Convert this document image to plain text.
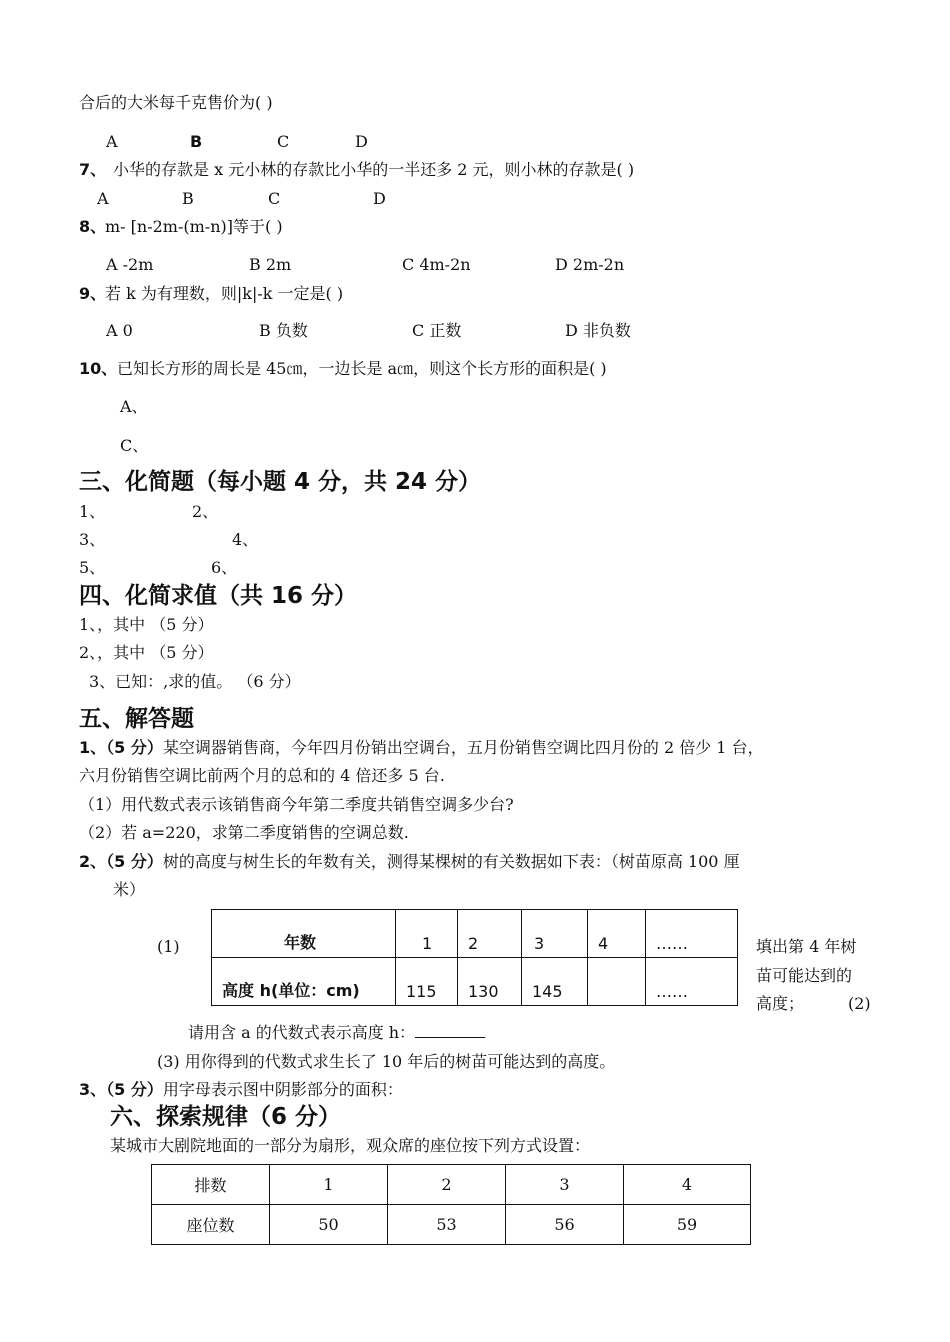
合后的大米每千克售价为( )
A	B	C	D
7、 小华的存款是 x 元小林的存款比小华的一半还多 2 元，则小林的存款是( )
A	B	C	D
8、
m- [n-2m-(m-n)]等于( )
A -2m	B 2m	C 4m-2n	D 2m-2n
9、
若 k 为有理数，则|k|-k 一定是( )
A 0	B 负数	C 正数	D 非负数
10、 已知长方形的周长是 45㎝，一边长是 a㎝，则这个长方形的面积是( )
A、
C、
三、化简题（每小题 4 分，共 24 分）
1、	2、
3、	4、
5、	6、
四、化简求值（共 16 分）
1、，其中 （5 分）
2、，其中 （5 分）
3、已知：,求的值。 （6 分）
五、解答题
1、（5 分）某空调器销售商，今年四月份销出空调台，五月份销售空调比四月份的 2 倍少 1 台，
六月份销售空调比前两个月的总和的 4 倍还多 5 台.
（1）用代数式表示该销售商今年第二季度共销售空调多少台?
（2）若 a=220，求第二季度销售的空调总数.
2、（5 分）树的高度与树生长的年数有关，测得某棵树的有关数据如下表：（树苗原高 100 厘
米）
(1)	年数	1	2	3	4	……
高度 h(单位：cm)	115	130	145		……
填出第 4 年树
苗可能达到的
高度；	(2)
请用含 a 的代数式表示高度 h：
(3) 用你得到的代数式求生长了 10 年后的树苗可能达到的高度。
3、（5 分）用字母表示图中阴影部分的面积：
六、探索规律（6 分）
某城市大剧院地面的一部分为扇形，观众席的座位按下列方式设置：
排数	1	2	3	4
座位数	50	53	56	59
